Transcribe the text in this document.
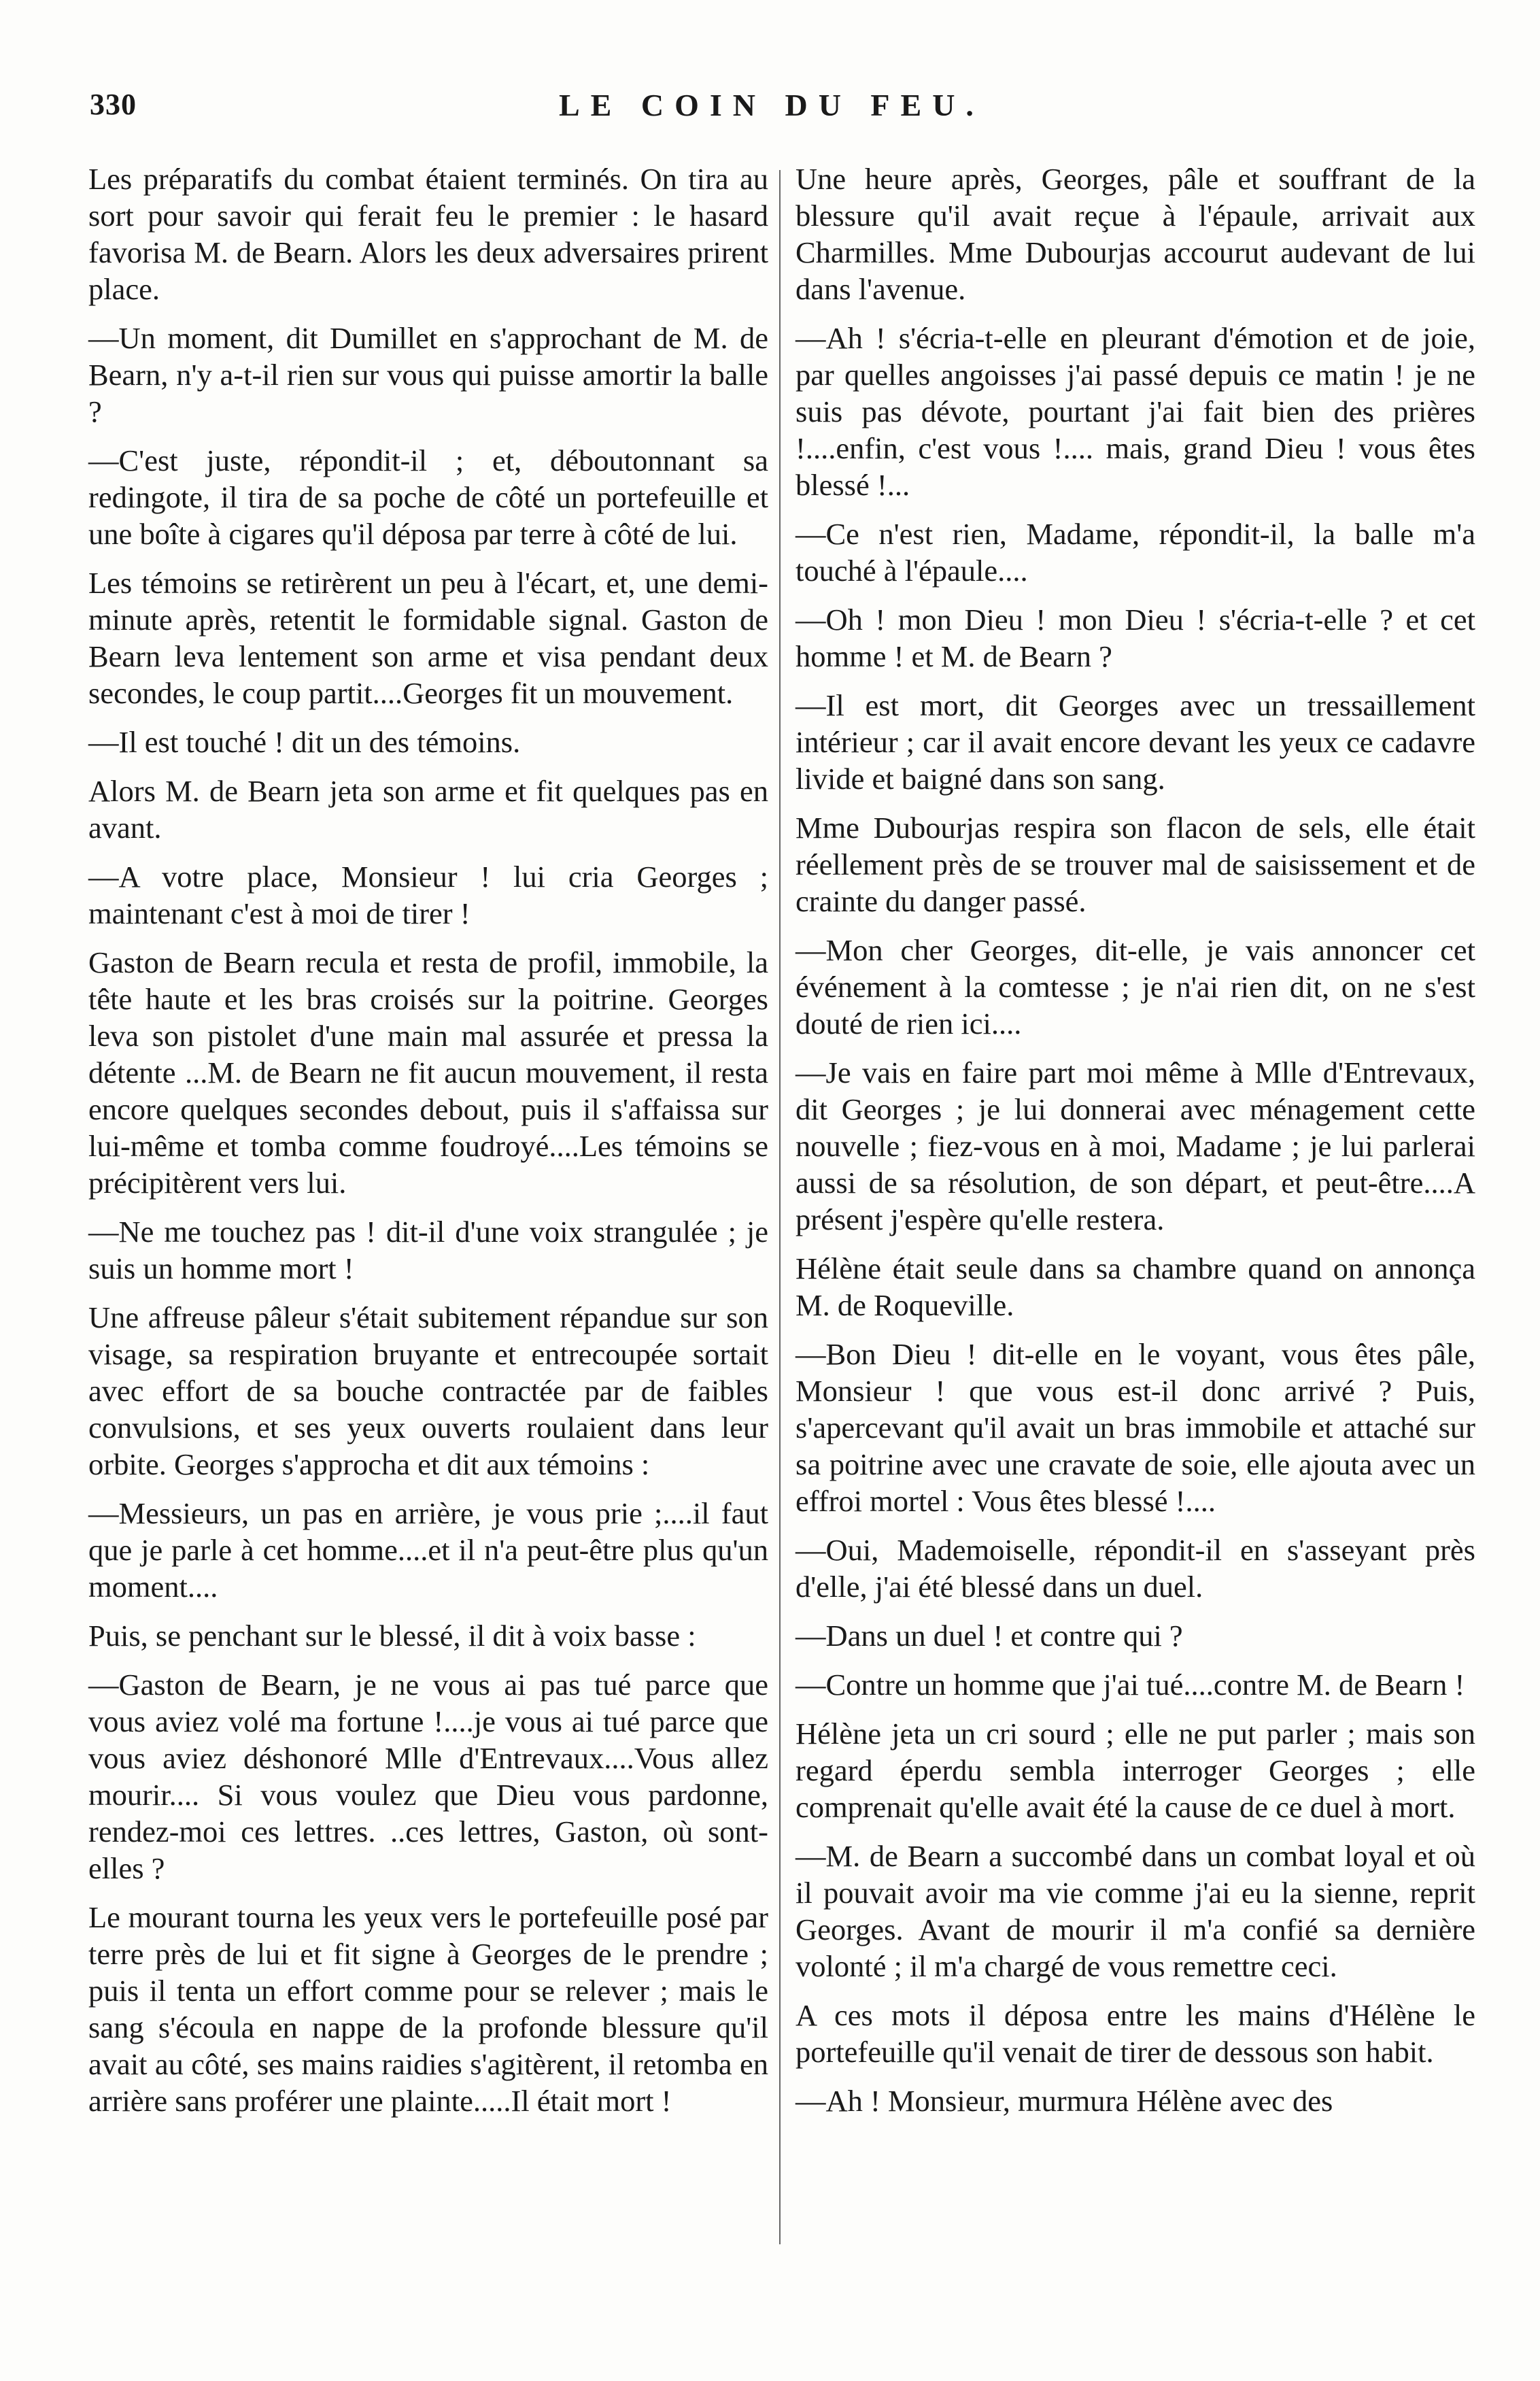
330	LE COIN DU FEU.

Les préparatifs du combat étaient terminés. On tira au sort pour savoir qui ferait feu le premier : le hasard favorisa M. de Bearn. Alors les deux adversaires prirent place.

—Un moment, dit Dumillet en s'approchant de M. de Bearn, n'y a-t-il rien sur vous qui puisse amortir la balle ?

—C'est juste, répondit-il ; et, déboutonnant sa redingote, il tira de sa poche de côté un portefeuille et une boîte à cigares qu'il déposa par terre à côté de lui.

Les témoins se retirèrent un peu à l'écart, et, une demi-minute après, retentit le formidable signal. Gaston de Bearn leva lentement son arme et visa pendant deux secondes, le coup partit....Georges fit un mouvement.

—Il est touché ! dit un des témoins.

Alors M. de Bearn jeta son arme et fit quelques pas en avant.

—A votre place, Monsieur ! lui cria Georges ; maintenant c'est à moi de tirer !

Gaston de Bearn recula et resta de profil, immobile, la tête haute et les bras croisés sur la poitrine. Georges leva son pistolet d'une main mal assurée et pressa la détente ...M. de Bearn ne fit aucun mouvement, il resta encore quelques secondes debout, puis il s'affaissa sur lui-même et tomba comme foudroyé....Les témoins se précipitèrent vers lui.

—Ne me touchez pas ! dit-il d'une voix strangulée ; je suis un homme mort !

Une affreuse pâleur s'était subitement répandue sur son visage, sa respiration bruyante et entrecoupée sortait avec effort de sa bouche contractée par de faibles convulsions, et ses yeux ouverts roulaient dans leur orbite. Georges s'approcha et dit aux témoins :

—Messieurs, un pas en arrière, je vous prie ;....il faut que je parle à cet homme....et il n'a peut-être plus qu'un moment....

Puis, se penchant sur le blessé, il dit à voix basse :

—Gaston de Bearn, je ne vous ai pas tué parce que vous aviez volé ma fortune !....je vous ai tué parce que vous aviez déshonoré Mlle d'Entrevaux....Vous allez mourir.... Si vous voulez que Dieu vous pardonne, rendez-moi ces lettres. ..ces lettres, Gaston, où sont-elles ?

Le mourant tourna les yeux vers le portefeuille posé par terre près de lui et fit signe à Georges de le prendre ; puis il tenta un effort comme pour se relever ; mais le sang s'écoula en nappe de la profonde blessure qu'il avait au côté, ses mains raidies s'agitèrent, il retomba en arrière sans proférer une plainte.....Il était mort !

Une heure après, Georges, pâle et souffrant de la blessure qu'il avait reçue à l'épaule, arrivait aux Charmilles. Mme Dubourjas accourut audevant de lui dans l'avenue.

—Ah ! s'écria-t-elle en pleurant d'émotion et de joie, par quelles angoisses j'ai passé depuis ce matin ! je ne suis pas dévote, pourtant j'ai fait bien des prières !....enfin, c'est vous !.... mais, grand Dieu ! vous êtes blessé !...

—Ce n'est rien, Madame, répondit-il, la balle m'a touché à l'épaule....

—Oh ! mon Dieu ! mon Dieu ! s'écria-t-elle ? et cet homme ! et M. de Bearn ?

—Il est mort, dit Georges avec un tressaillement intérieur ; car il avait encore devant les yeux ce cadavre livide et baigné dans son sang.

Mme Dubourjas respira son flacon de sels, elle était réellement près de se trouver mal de saisissement et de crainte du danger passé.

—Mon cher Georges, dit-elle, je vais annoncer cet événement à la comtesse ; je n'ai rien dit, on ne s'est douté de rien ici....

—Je vais en faire part moi même à Mlle d'Entrevaux, dit Georges ; je lui donnerai avec ménagement cette nouvelle ; fiez-vous en à moi, Madame ; je lui parlerai aussi de sa résolution, de son départ, et peut-être....A présent j'espère qu'elle restera.

Hélène était seule dans sa chambre quand on annonça M. de Roqueville.

—Bon Dieu ! dit-elle en le voyant, vous êtes pâle, Monsieur ! que vous est-il donc arrivé ? Puis, s'apercevant qu'il avait un bras immobile et attaché sur sa poitrine avec une cravate de soie, elle ajouta avec un effroi mortel : Vous êtes blessé !....

—Oui, Mademoiselle, répondit-il en s'asseyant près d'elle, j'ai été blessé dans un duel.

—Dans un duel ! et contre qui ?

—Contre un homme que j'ai tué....contre M. de Bearn !

Hélène jeta un cri sourd ; elle ne put parler ; mais son regard éperdu sembla interroger Georges ; elle comprenait qu'elle avait été la cause de ce duel à mort.

—M. de Bearn a succombé dans un combat loyal et où il pouvait avoir ma vie comme j'ai eu la sienne, reprit Georges. Avant de mourir il m'a confié sa dernière volonté ; il m'a chargé de vous remettre ceci.

A ces mots il déposa entre les mains d'Hélène le portefeuille qu'il venait de tirer de dessous son habit.

—Ah ! Monsieur, murmura Hélène avec des
